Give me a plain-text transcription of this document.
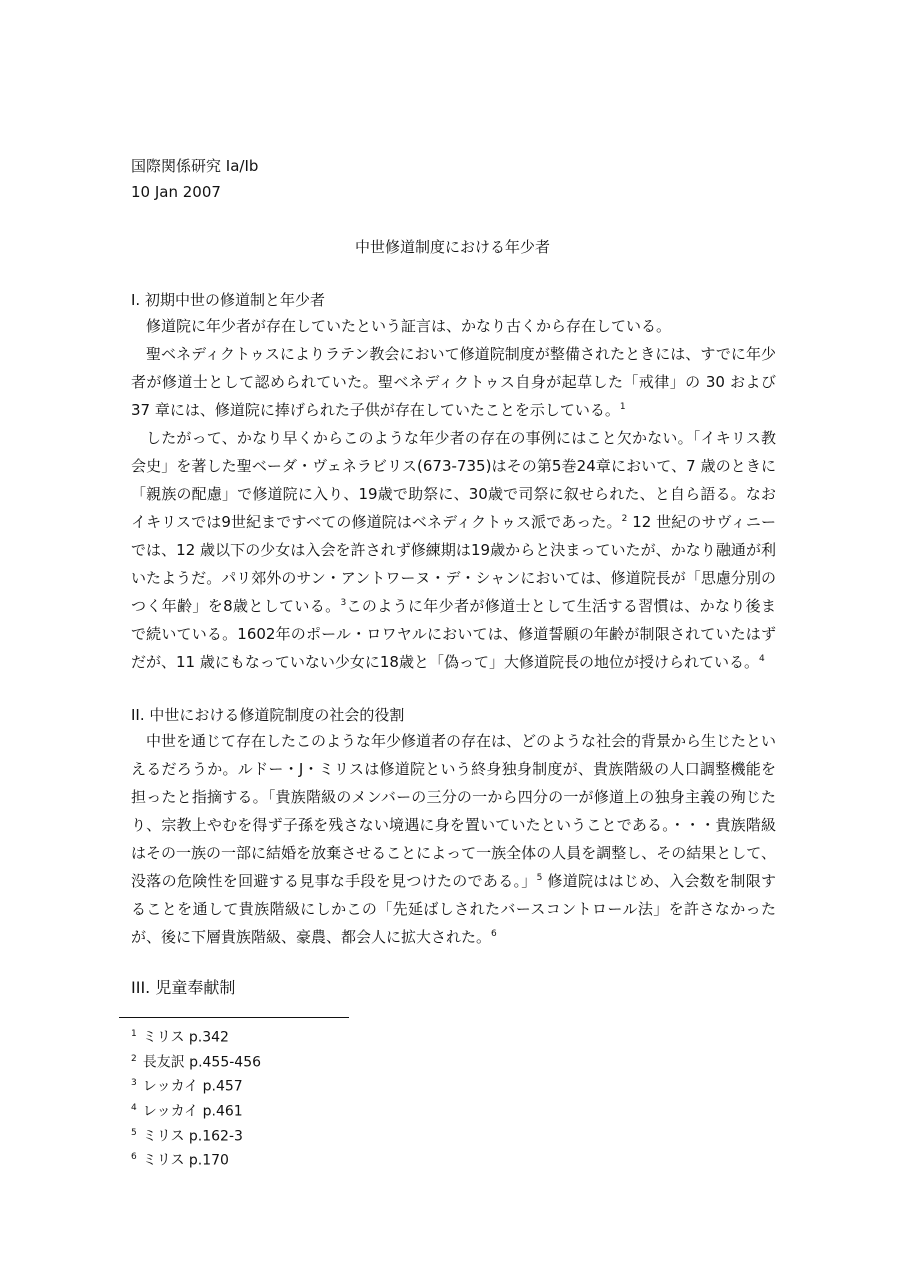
国際関係研究 Ia/Ib
10 Jan 2007
中世修道制度における年少者
I. 初期中世の修道制と年少者

修道院に年少者が存在していたという証言は、かなり古くから存在している。

聖ベネディクトゥスによりラテン教会において修道院制度が整備されたときには、すでに年少者が修道士として認められていた。聖ベネディクトゥス自身が起草した「戒律」の 30 および 37 章には、修道院に捧げられた子供が存在していたことを示している。$^1$

したがって、かなり早くからこのような年少者の存在の事例にはこと欠かない。「イキリス教会史」を著した聖ベーダ・ヴェネラビリス(673-735)はその第5巻24章において、7 歳のときに「親族の配慮」で修道院に入り、19歳で助祭に、30歳で司祭に叙せられた、と自ら語る。なおイキリスでは9世紀まですべての修道院はベネディクトゥス派であった。$^2$ 12 世紀のサヴィニーでは、12 歳以下の少女は入会を許されず修練期は19歳からと決まっていたが、かなり融通が利いたようだ。パリ郊外のサン・アントワーヌ・デ・シャンにおいては、修道院長が「思慮分別のつく年齢」を8歳としている。$^3$このように年少者が修道士として生活する習慣は、かなり後まで続いている。1602年のポール・ロワヤルにおいては、修道誓願の年齢が制限されていたはずだが、11 歳にもなっていない少女に18歳と「偽って」大修道院長の地位が授けられている。$^4$

II. 中世における修道院制度の社会的役割

中世を通じて存在したこのような年少修道者の存在は、どのような社会的背景から生じたといえるだろうか。ルドー・J・ミリスは修道院という終身独身制度が、貴族階級の人口調整機能を担ったと指摘する。「貴族階級のメンバーの三分の一から四分の一が修道上の独身主義の殉じたり、宗教上やむを得ず子孫を残さない境遇に身を置いていたということである。・・・貴族階級はその一族の一部に結婚を放棄させることによって一族全体の人員を調整し、その結果として、没落の危険性を回避する見事な手段を見つけたのである。」$^5$ 修道院ははじめ、入会数を制限することを通して貴族階級にしかこの「先延ばしされたバースコントロール法」を許さなかったが、後に下層貴族階級、豪農、都会人に拡大された。$^6$

III. 児童奉献制
$^1$ ミリス p.342
$^2$ 長友訳 p.455-456
$^3$ レッカイ p.457
$^4$ レッカイ p.461
$^5$ ミリス p.162-3
$^6$ ミリス p.170
